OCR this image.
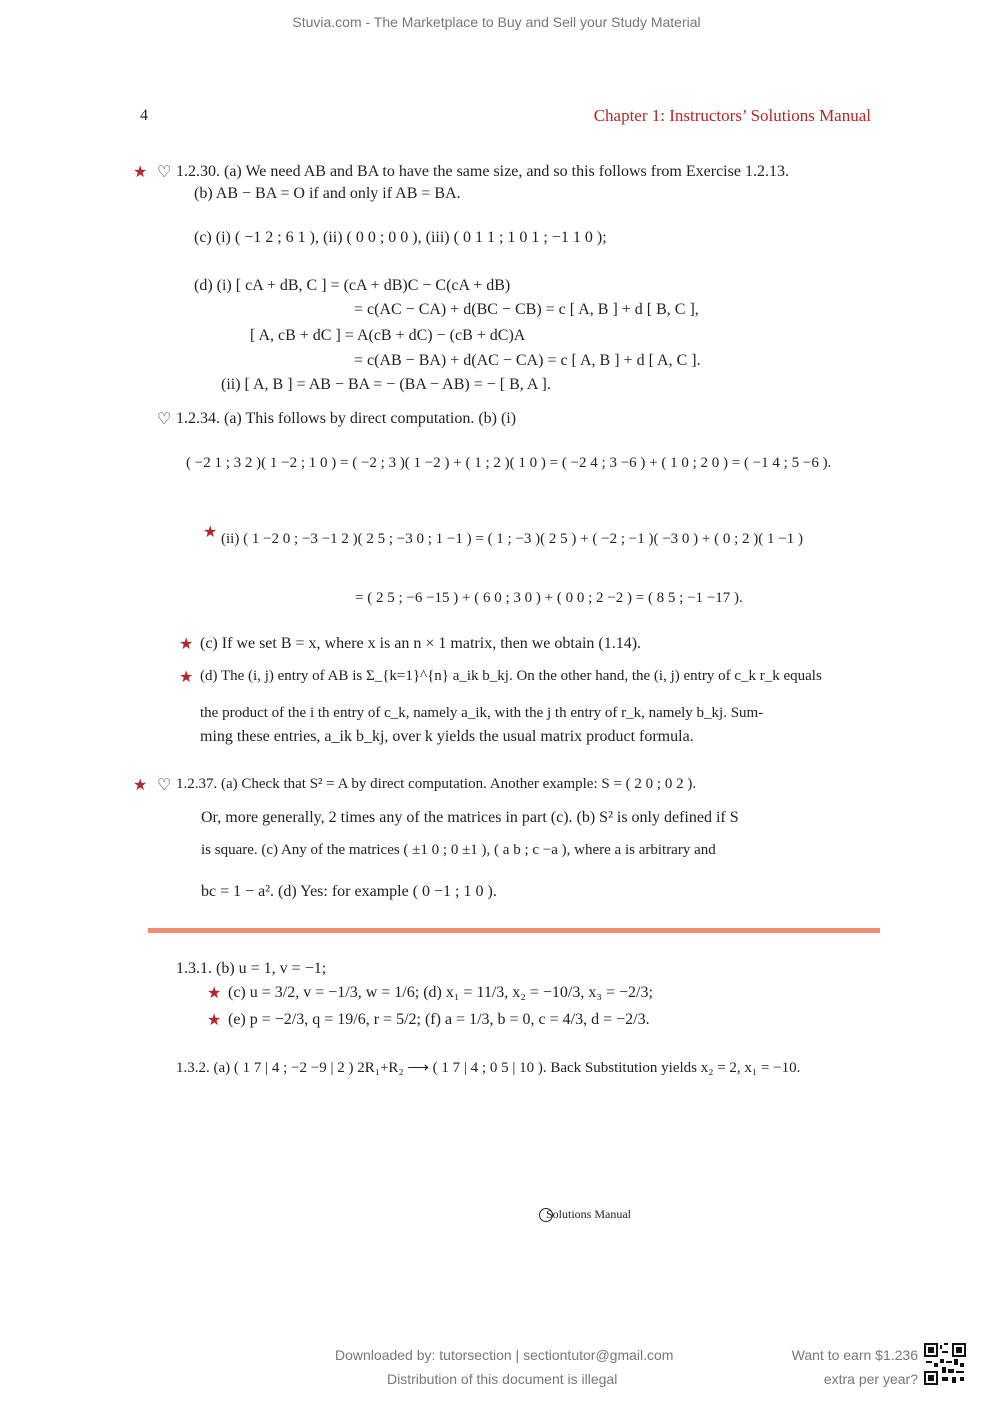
Stuvia.com - The Marketplace to Buy and Sell your Study Material
4	Chapter 1: Instructors’ Solutions Manual
★ ♡ 1.2.30. (a) We need AB and BA to have the same size, and so this follows from Exercise 1.2.13.
(b) AB − BA = O if and only if AB = BA.
(c) (i) ( −1 2 ; 6 1 ), (ii) ( 0 0 ; 0 0 ), (iii) ( 0 1 1 ; 1 0 1 ; −1 1 0 );
(d) (i) [ cA + dB, C ] = (cA + dB)C − C(cA + dB)
= c(AC − CA) + d(BC − CB) = c [ A, B ] + d [ B, C ],
[ A, cB + dC ] = A(cB + dC) − (cB + dC)A
= c(AB − BA) + d(AC − CA) = c [ A, B ] + d [ A, C ].
(ii) [ A, B ] = AB − BA = − (BA − AB) = − [ B, A ].
♡ 1.2.34. (a) This follows by direct computation. (b) (i)
( −2 1 ; 3 2 )( 1 −2 ; 1 0 ) = ( −2 ; 3 )( 1 −2 ) + ( 1 ; 2 )( 1 0 ) = ( −2 4 ; 3 −6 ) + ( 1 0 ; 2 0 ) = ( −1 4 ; 5 −6 ).
★ (ii) ( 1 −2 0 ; −3 −1 2 )( 2 5 ; −3 0 ; 1 −1 ) = ( 1 ; −3 )( 2 5 ) + ( −2 ; −1 )( −3 0 ) + ( 0 ; 2 )( 1 −1 )
= ( 2 5 ; −6 −15 ) + ( 6 0 ; 3 0 ) + ( 0 0 ; 2 −2 ) = ( 8 5 ; −1 −17 ).
★ (c) If we set B = x, where x is an n × 1 matrix, then we obtain (1.14).
★ (d) The (i, j) entry of AB is Σ_{k=1}^{n} a_ik b_kj. On the other hand, the (i, j) entry of c_k r_k equals
the product of the i th entry of c_k, namely a_ik, with the j th entry of r_k, namely b_kj. Sum-
ming these entries, a_ik b_kj, over k yields the usual matrix product formula.
★ ♡ 1.2.37. (a) Check that S² = A by direct computation. Another example: S = ( 2 0 ; 0 2 ).
Or, more generally, 2 times any of the matrices in part (c). (b) S² is only defined if S
is square. (c) Any of the matrices ( ±1 0 ; 0 ±1 ), ( a b ; c −a ), where a is arbitrary and
bc = 1 − a². (d) Yes: for example ( 0 −1 ; 1 0 ).
1.3.1. (b) u = 1, v = −1;
★ (c) u = 3/2, v = −1/3, w = 1/6; (d) x₁ = 11/3, x₂ = −10/3, x₃ = −2/3;
★ (e) p = −2/3, q = 19/6, r = 5/2; (f) a = 1/3, b = 0, c = 4/3, d = −2/3.
1.3.2. (a) ( 1 7 | 4 ; −2 −9 | 2 ) 2R₁+R₂ ⟶ ( 1 7 | 4 ; 0 5 | 10 ). Back Substitution yields x₂ = 2, x₁ = −10.
Solutions Manual
Downloaded by: tutorsection | sectiontutor@gmail.com
Distribution of this document is illegal
Want to earn $1.236
extra per year?
